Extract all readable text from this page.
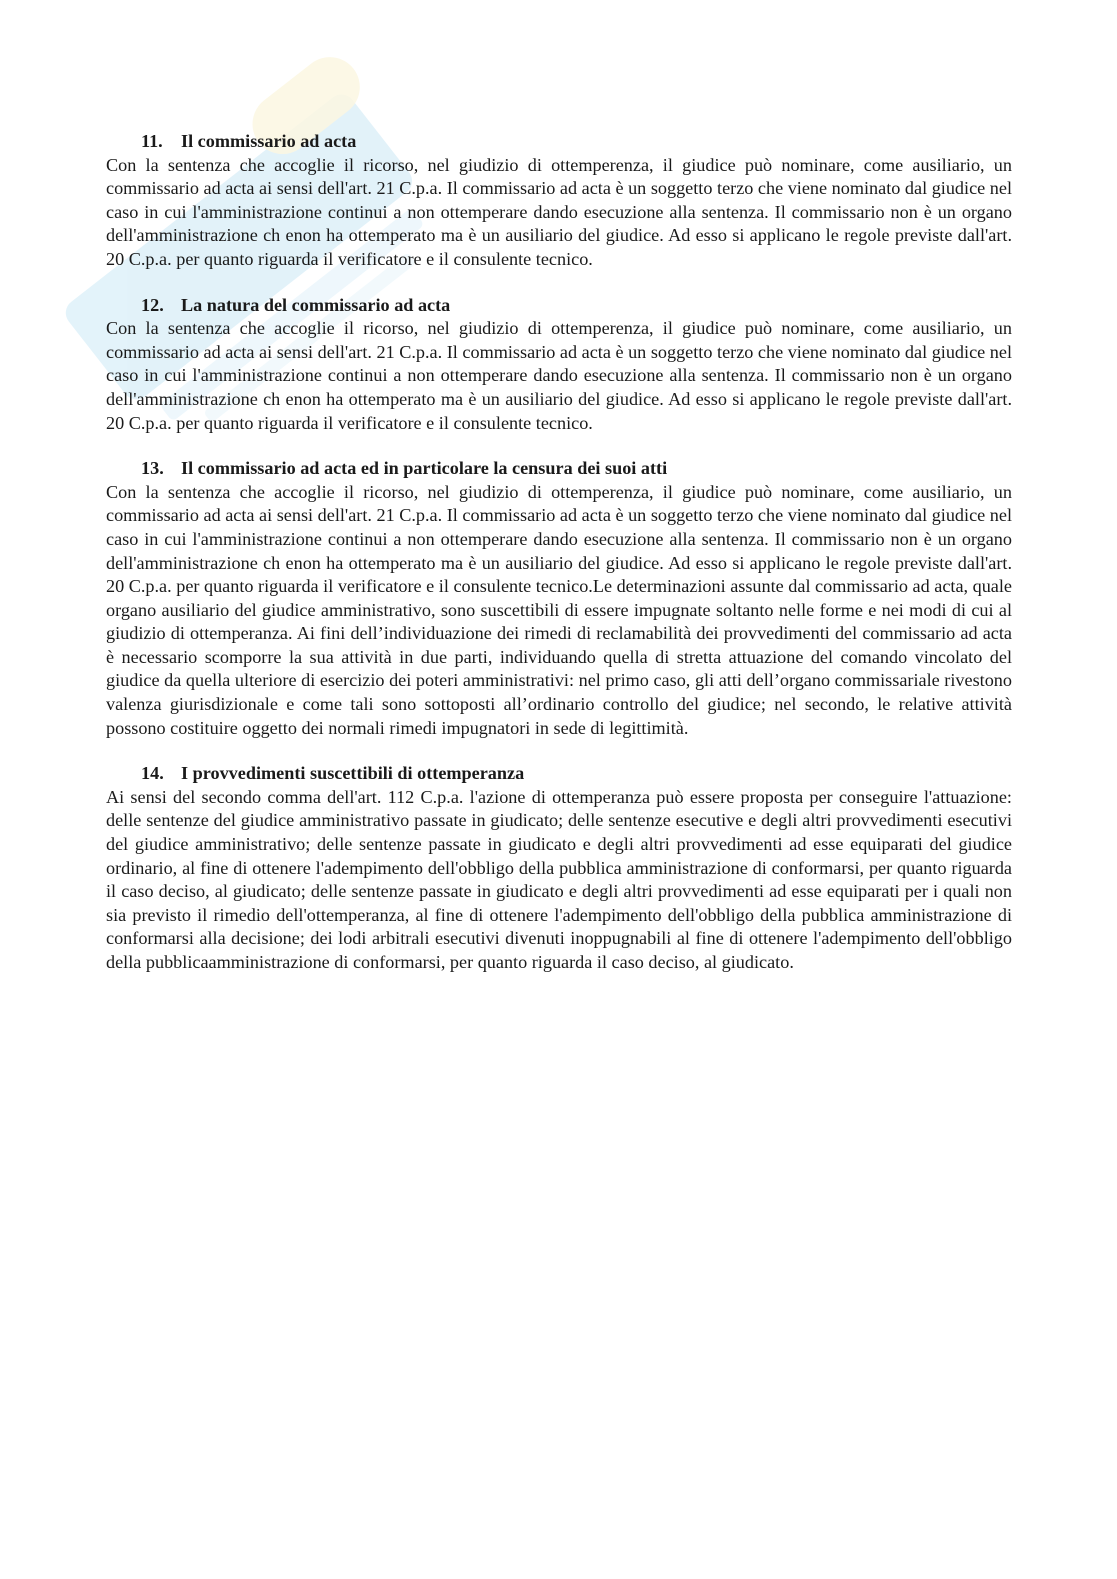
11. Il commissario ad acta

Con la sentenza che accoglie il ricorso, nel giudizio di ottemperenza, il giudice può nominare, come ausiliario, un commissario ad acta ai sensi dell'art. 21 C.p.a. Il commissario ad acta è un soggetto terzo che viene nominato dal giudice nel caso in cui l'amministrazione continui a non ottemperare dando esecuzione alla sentenza. Il commissario non è un organo dell'amministrazione ch enon ha ottemperato ma è un ausiliario del giudice. Ad esso si applicano le regole previste dall'art. 20 C.p.a. per quanto riguarda il verificatore e il consulente tecnico.

12. La natura del commissario ad acta

Con la sentenza che accoglie il ricorso, nel giudizio di ottemperenza, il giudice può nominare, come ausiliario, un commissario ad acta ai sensi dell'art. 21 C.p.a. Il commissario ad acta è un soggetto terzo che viene nominato dal giudice nel caso in cui l'amministrazione continui a non ottemperare dando esecuzione alla sentenza. Il commissario non è un organo dell'amministrazione ch enon ha ottemperato ma è un ausiliario del giudice. Ad esso si applicano le regole previste dall'art. 20 C.p.a. per quanto riguarda il verificatore e il consulente tecnico.

13. Il commissario ad acta ed in particolare la censura dei suoi atti

Con la sentenza che accoglie il ricorso, nel giudizio di ottemperenza, il giudice può nominare, come ausiliario, un commissario ad acta ai sensi dell'art. 21 C.p.a. Il commissario ad acta è un soggetto terzo che viene nominato dal giudice nel caso in cui l'amministrazione continui a non ottemperare dando esecuzione alla sentenza. Il commissario non è un organo dell'amministrazione ch enon ha ottemperato ma è un ausiliario del giudice. Ad esso si applicano le regole previste dall'art. 20 C.p.a. per quanto riguarda il verificatore e il consulente tecnico.Le determinazioni assunte dal commissario ad acta, quale organo ausiliario del giudice amministrativo, sono suscettibili di essere impugnate soltanto nelle forme e nei modi di cui al giudizio di ottemperanza. Ai fini dell’individuazione dei rimedi di reclamabilità dei provvedimenti del commissario ad acta è necessario scomporre la sua attività in due parti, individuando quella di stretta attuazione del comando vincolato del giudice da quella ulteriore di esercizio dei poteri amministrativi: nel primo caso, gli atti dell’organo commissariale rivestono valenza giurisdizionale e come tali sono sottoposti all’ordinario controllo del giudice; nel secondo, le relative attività possono costituire oggetto dei normali rimedi impugnatori in sede di legittimità.

14. I provvedimenti suscettibili di ottemperanza

Ai sensi del secondo comma dell'art. 112 C.p.a. l'azione di ottemperanza può essere proposta per conseguire l'attuazione: delle sentenze del giudice amministrativo passate in giudicato; delle sentenze esecutive e degli altri provvedimenti esecutivi del giudice amministrativo; delle sentenze passate in giudicato e degli altri provvedimenti ad esse equiparati del giudice ordinario, al fine di ottenere l'adempimento dell'obbligo della pubblica amministrazione di conformarsi, per quanto riguarda il caso deciso, al giudicato; delle sentenze passate in giudicato e degli altri provvedimenti ad esse equiparati per i quali non sia previsto il rimedio dell'ottemperanza, al fine di ottenere l'adempimento dell'obbligo della pubblica amministrazione di conformarsi alla decisione; dei lodi arbitrali esecutivi divenuti inoppugnabili al fine di ottenere l'adempimento dell'obbligo della pubblicaamministrazione di conformarsi, per quanto riguarda il caso deciso, al giudicato.
